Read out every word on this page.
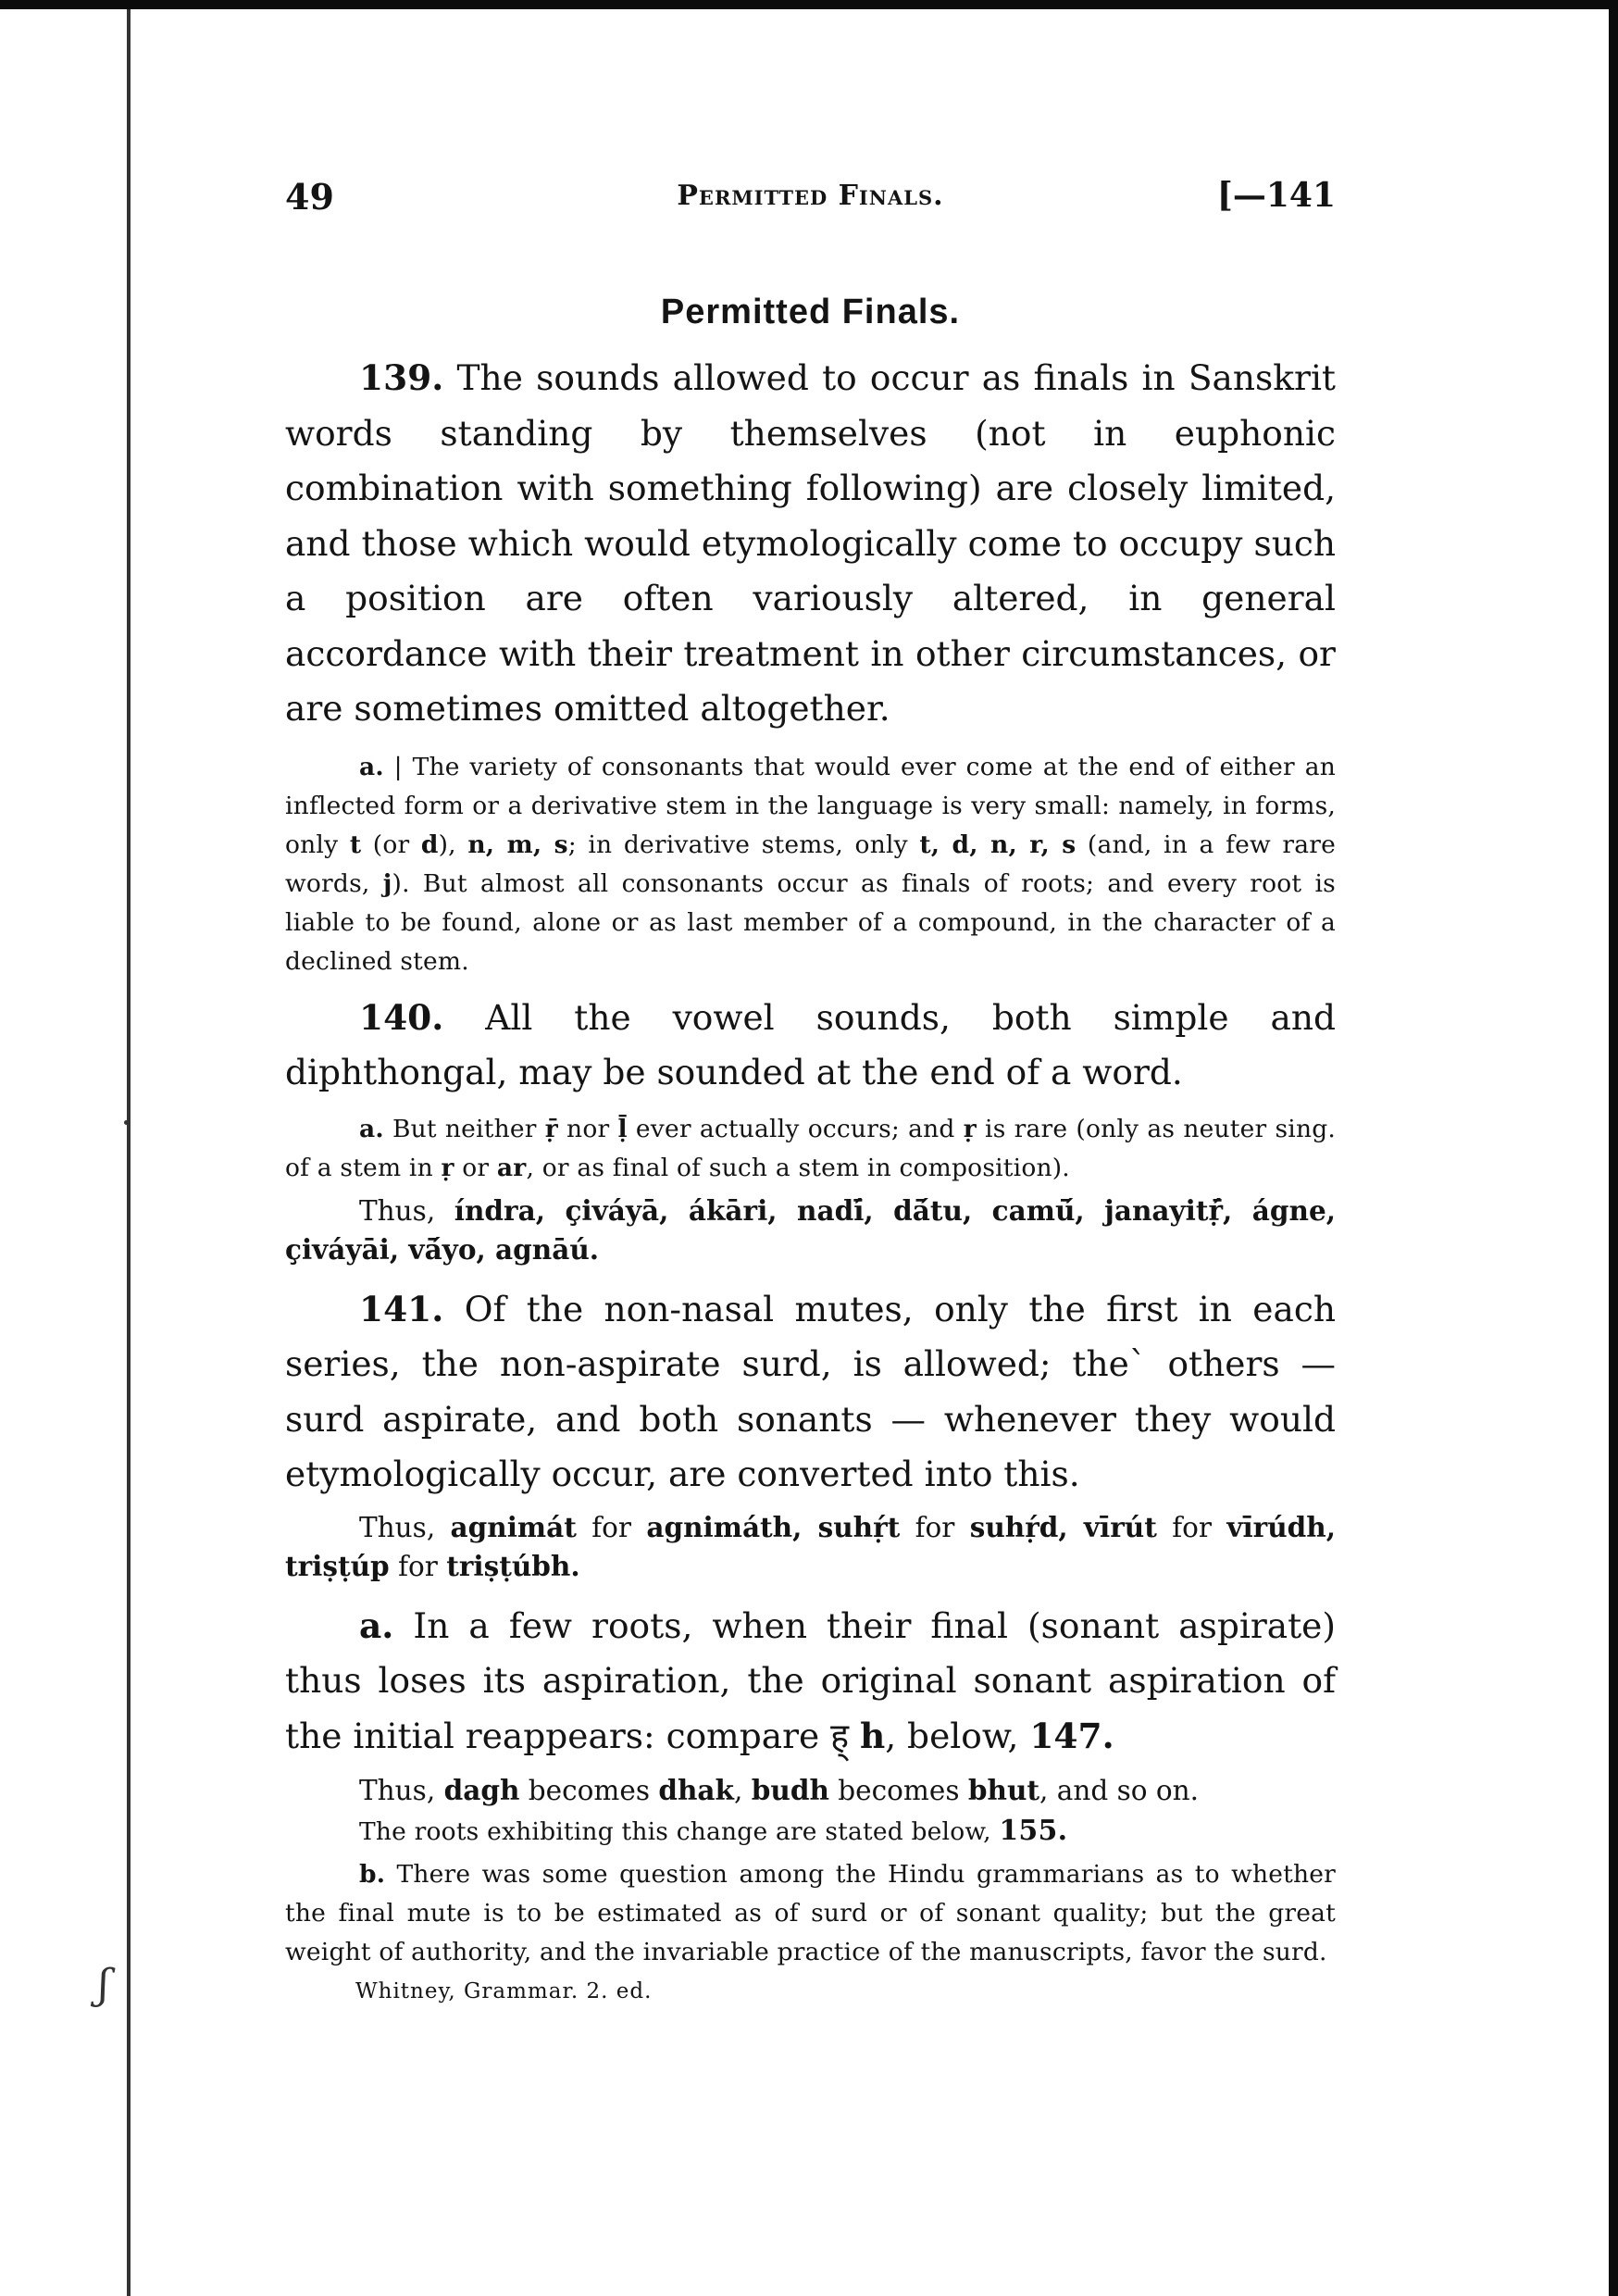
ʃ
49	Permitted Finals.	[—141
Permitted Finals.

139. The sounds allowed to occur as finals in Sanskrit words standing by themselves (not in euphonic combination with something following) are closely limited, and those which would etymologically come to occupy such a position are often variously altered, in general accordance with their treatment in other circumstances, or are sometimes omitted altogether.

a. | The variety of consonants that would ever come at the end of either an inflected form or a derivative stem in the language is very small: namely, in forms, only t (or d), n, m, s; in derivative stems, only t, d, n, r, s (and, in a few rare words, j). But almost all consonants occur as finals of roots; and every root is liable to be found, alone or as last member of a compound, in the character of a declined stem.

140. All the vowel sounds, both simple and diphthongal, may be sounded at the end of a word.

a. But neither ṝ nor ḹ ever actually occurs; and ṛ is rare (only as neuter sing. of a stem in ṛ or ar, or as final of such a stem in composition).

Thus, índra, çiváyā, ákāri, nadī́, dā́tu, camū́, janayitṝ́, ágne, çiváyāi, vā́yo, agnāú.

141. Of the non-nasal mutes, only the first in each series, the non-aspirate surd, is allowed; the` others — surd aspirate, and both sonants — whenever they would etymologically occur, are converted into this.

Thus, agnimát for agnimáth, suhṛ́t for suhṛ́d, vīrút for vīrúdh, triṣṭúp for triṣṭúbh.

a. In a few roots, when their final (sonant aspirate) thus loses its aspiration, the original sonant aspiration of the initial reappears: compare ह् h, below, 147.

Thus, dagh becomes dhak, budh becomes bhut, and so on.

The roots exhibiting this change are stated below, 155.

b. There was some question among the Hindu grammarians as to whether the final mute is to be estimated as of surd or of sonant quality; but the great weight of authority, and the invariable practice of the manuscripts, favor the surd.

Whitney, Grammar. 2. ed.
